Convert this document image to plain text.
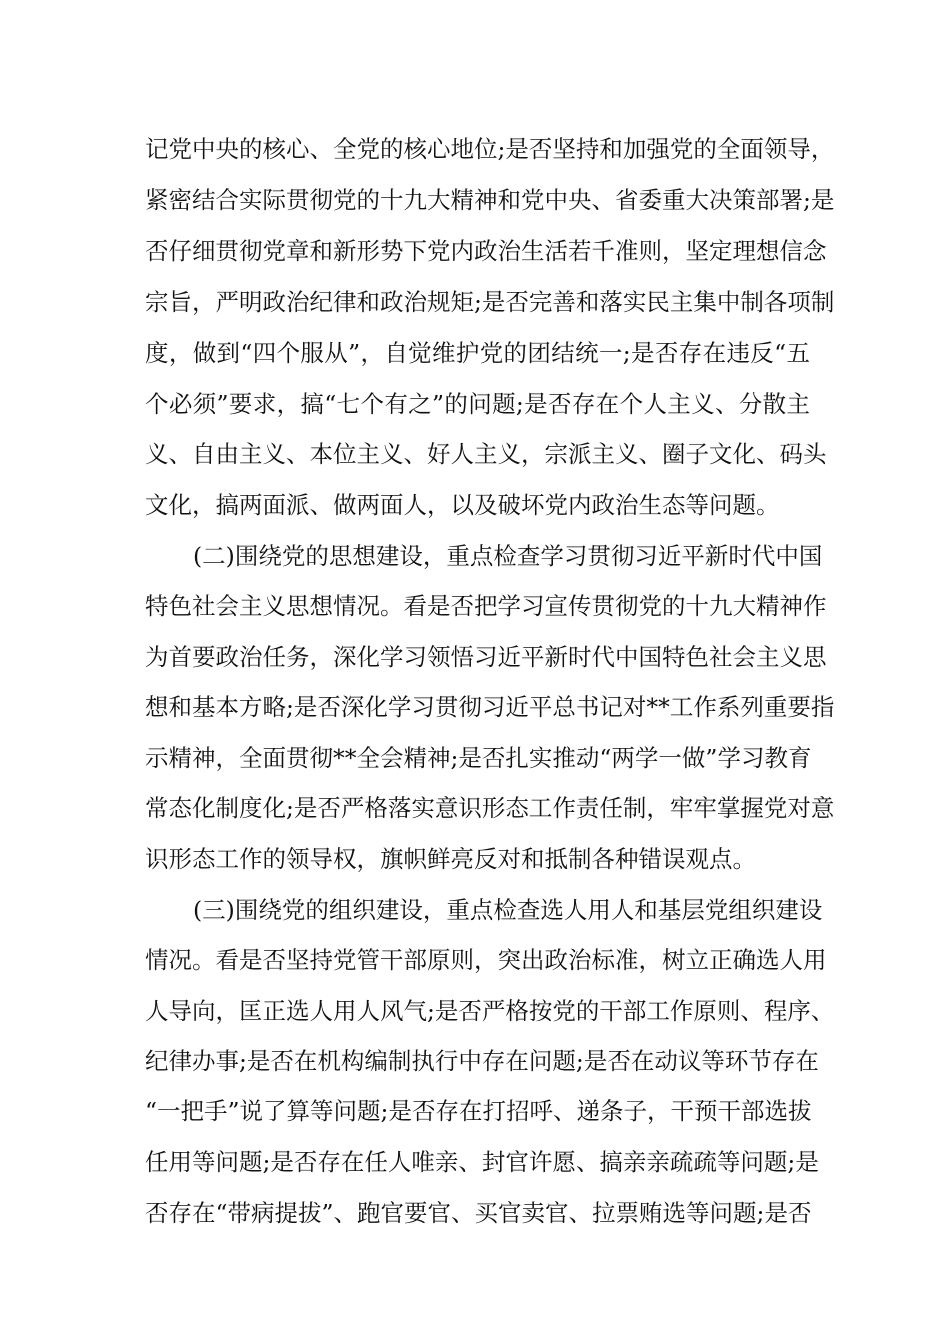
记党中央的核心、全党的核心地位;是否坚持和加强党的全面领导，
紧密结合实际贯彻党的十九大精神和党中央、省委重大决策部署;是
否仔细贯彻党章和新形势下党内政治生活若千准则，坚定理想信念
宗旨，严明政治纪律和政治规矩;是否完善和落实民主集中制各项制
度，做到“四个服从”，自觉维护党的团结统一;是否存在违反“五
个必须”要求，搞“七个有之”的问题;是否存在个人主义、分散主
义、自由主义、本位主义、好人主义，宗派主义、圈子文化、码头
文化，搞两面派、做两面人，以及破坏党内政治生态等问题。
(二)围绕党的思想建设，重点检查学习贯彻习近平新时代中国
特色社会主义思想情况。看是否把学习宣传贯彻党的十九大精神作
为首要政治任务，深化学习领悟习近平新时代中国特色社会主义思
想和基本方略;是否深化学习贯彻习近平总书记对**工作系列重要指
示精神，全面贯彻**全会精神;是否扎实推动“两学一做”学习教育
常态化制度化;是否严格落实意识形态工作责任制，牢牢掌握党对意
识形态工作的领导权，旗帜鲜亮反对和抵制各种错误观点。
(三)围绕党的组织建设，重点检查选人用人和基层党组织建设
情况。看是否坚持党管干部原则，突出政治标准，树立正确选人用
人导向，匡正选人用人风气;是否严格按党的干部工作原则、程序、
纪律办事;是否在机构编制执行中存在问题;是否在动议等环节存在
“一把手”说了算等问题;是否存在打招呼、递条子，干预干部选拔
任用等问题;是否存在任人唯亲、封官许愿、搞亲亲疏疏等问题;是
否存在“带病提拔”、跑官要官、买官卖官、拉票贿选等问题;是否
